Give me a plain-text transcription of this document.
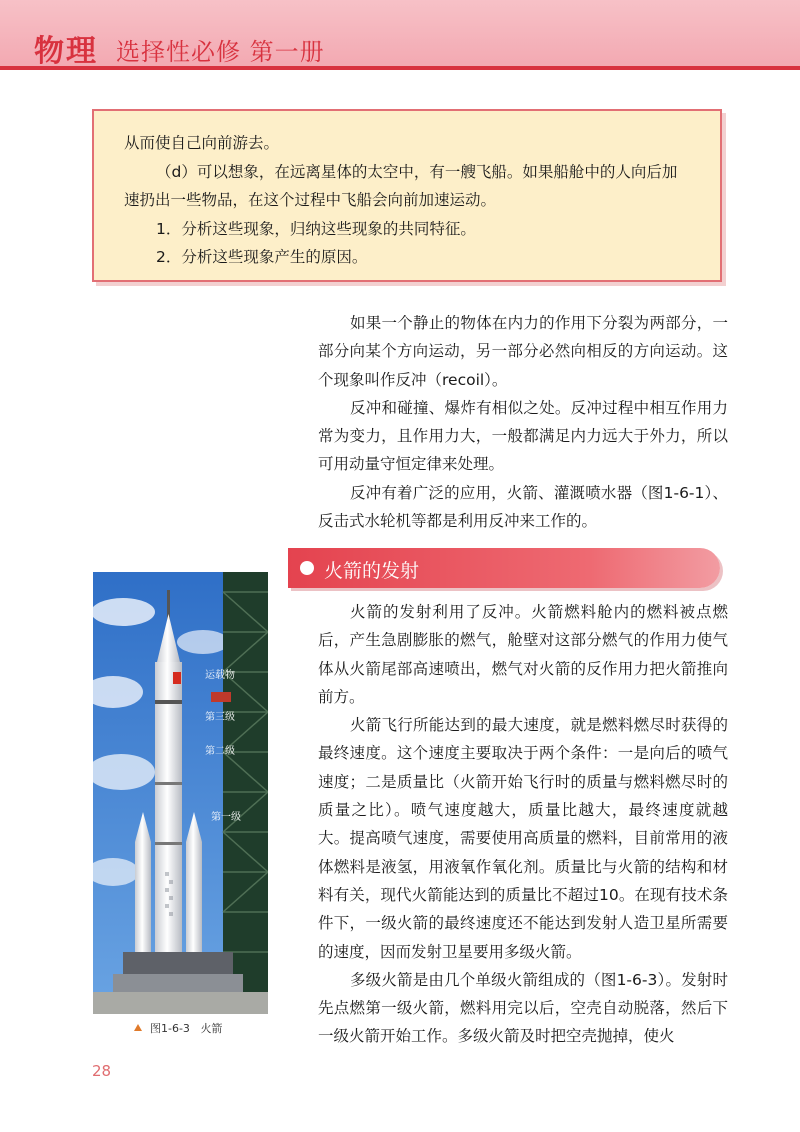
物理 选择性必修 第一册

从而使自己向前游去。

（d）可以想象，在远离星体的太空中，有一艘飞船。如果船舱中的人向后加

速扔出一些物品，在这个过程中飞船会向前加速运动。

1．分析这些现象，归纳这些现象的共同特征。

2．分析这些现象产生的原因。

如果一个静止的物体在内力的作用下分裂为两部分，一部分向某个方向运动，另一部分必然向相反的方向运动。这个现象叫作反冲（recoil）。

反冲和碰撞、爆炸有相似之处。反冲过程中相互作用力常为变力，且作用力大，一般都满足内力远大于外力，所以可用动量守恒定律来处理。

反冲有着广泛的应用，火箭、灌溉喷水器（图1-6-1）、反击式水轮机等都是利用反冲来工作的。

火箭的发射

火箭的发射利用了反冲。火箭燃料舱内的燃料被点燃后，产生急剧膨胀的燃气，舱壁对这部分燃气的作用力使气体从火箭尾部高速喷出，燃气对火箭的反作用力把火箭推向前方。

火箭飞行所能达到的最大速度，就是燃料燃尽时获得的最终速度。这个速度主要取决于两个条件：一是向后的喷气速度；二是质量比（火箭开始飞行时的质量与燃料燃尽时的质量之比）。喷气速度越大，质量比越大，最终速度就越大。提高喷气速度，需要使用高质量的燃料，目前常用的液体燃料是液氢，用液氧作氧化剂。质量比与火箭的结构和材料有关，现代火箭能达到的质量比不超过10。在现有技术条件下，一级火箭的最终速度还不能达到发射人造卫星所需要的速度，因而发射卫星要用多级火箭。

多级火箭是由几个单级火箭组成的（图1-6-3）。发射时先点燃第一级火箭，燃料用完以后，空壳自动脱落，然后下一级火箭开始工作。多级火箭及时把空壳抛掉，使火

运载物
第三级
第二级
第一级
图1-6-3 火箭
28
